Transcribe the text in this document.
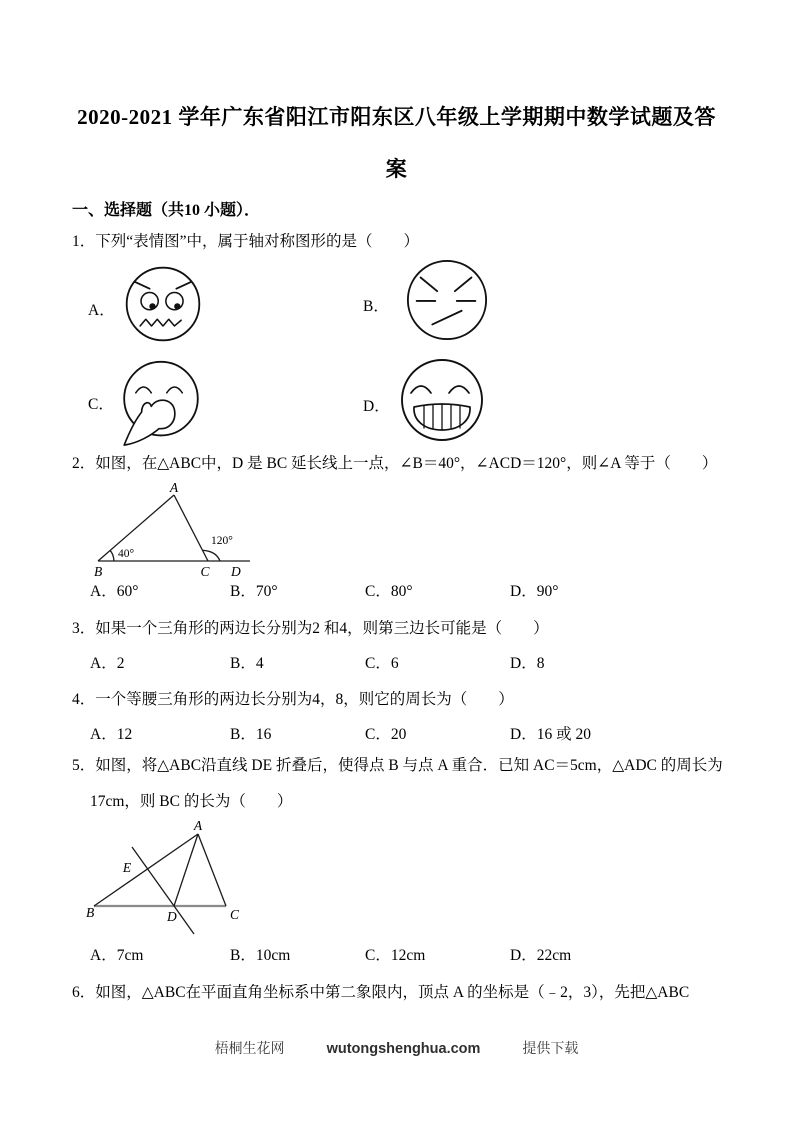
2020-2021 学年广东省阳江市阳东区八年级上学期期中数学试题及答
案
一、选择题（共10 小题）．
1．下列“表情图”中，属于轴对称图形的是（　　）
A．	B．
C．	D．
2．如图，在△ABC中，D 是 BC 延长线上一点，∠B＝40°，∠ACD＝120°，则∠A 等于（　　）
A
B	C D
40°
120°
A．60°	B．70°	C．80°	D．90°
3．如果一个三角形的两边长分别为2 和4，则第三边长可能是（　　）
A．2	B．4	C．6	D．8
4．一个等腰三角形的两边长分别为4，8，则它的周长为（　　）
A．12	B．16	C．20	D．16 或 20
5．如图，将△ABC沿直线 DE 折叠后，使得点 B 与点 A 重合．已知 AC＝5cm，△ADC 的周长为
17cm，则 BC 的长为（　　）
A
B	C
D
E
A．7cm	B．10cm	C．12cm	D．22cm
6．如图，△ABC在平面直角坐标系中第二象限内，顶点 A 的坐标是（﹣2，3），先把△ABC
梧桐生花网	wutongshenghua.com	提供下载
